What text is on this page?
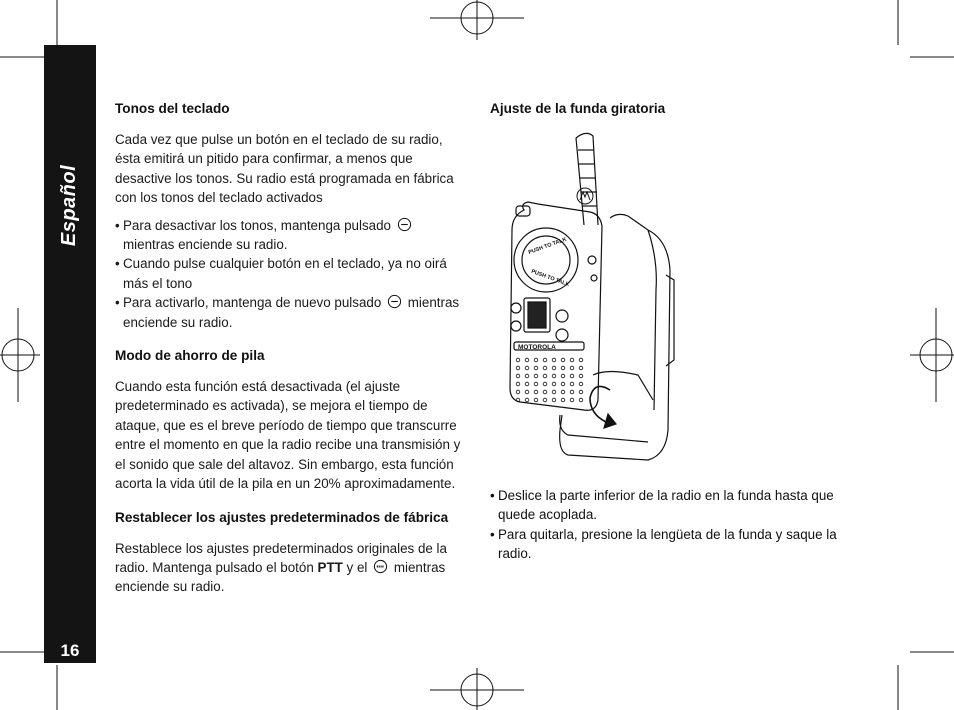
Español
16
Tonos del teclado

Cada vez que pulse un botón en el teclado de su radio, ésta emitirá un pitido para confirmar, a menos que desactive los tonos. Su radio está programada en fábrica con los tonos del teclado activados

• Para desactivar los tonos, mantenga pulsado  mientras enciende su radio.
• Cuando pulse cualquier botón en el teclado, ya no oirá más el tono
• Para activarlo, mantenga de nuevo pulsado mientras enciende su radio.
Modo de ahorro de pila

Cuando esta función está desactivada (el ajuste predeterminado es activada), se mejora el tiempo de ataque, que es el breve período de tiempo que transcurre entre el momento en que la radio recibe una transmisión y el sonido que sale del altavoz. Sin embargo, esta función acorta la vida útil de la pila en un 20% aproximadamente.

Restablecer los ajustes predeterminados de fábrica

Restablece los ajustes predeterminados originales de la radio. Mantenga pulsado el botón PTT y el mientras enciende su radio.

Ajuste de la funda giratoria
MOTOROLA
PUSH TO TALK
PUSH TO TALK
• Deslice la parte inferior de la radio en la funda hasta que quede acoplada.
• Para quitarla, presione la lengüeta de la funda y saque la radio.
